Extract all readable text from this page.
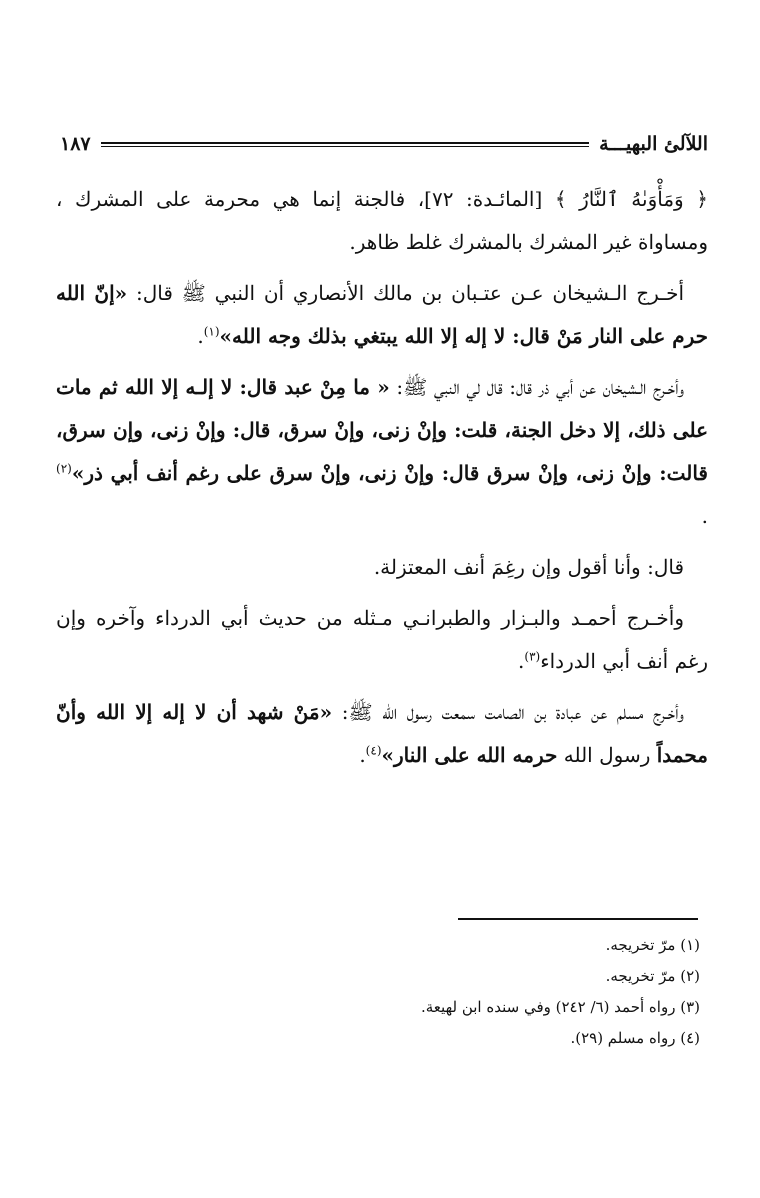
اللآلئ البهيـــة
١٨٧

﴿ وَمَأْوَىٰهُ ٱلنَّارُ ﴾ [المائـدة: ٧٢]، فالجنة إنما هي محرمة على المشرك ، ومساواة غير المشرك بالمشرك غلط ظاهر.

أخـرج الـشيخان عـن عتـبان بن مالك الأنصاري أن النبي ﷺ قال: «إنّ الله حرم على النار مَنْ قال: لا إله إلا الله يبتغي بذلك وجه الله»$^{(١)}$.

وأخـرج الـشيخان عن أبي ذر قال: قال لي النبي ﷺ: « ما مِنْ عبد قال: لا إلـه إلا الله ثم مات على ذلك، إلا دخل الجنة، قلت: وإنْ زنى، وإنْ سرق، قال: وإنْ زنى، وإن سرق، قالت: وإنْ زنى، وإنْ سرق قال: وإنْ زنى، وإنْ سرق على رغم أنف أبي ذر»$^{(٢)}$ .

قال: وأنا أقول وإن رغِمَ أنف المعتزلة.

وأخـرج أحمـد والبـزار والطبرانـي مـثله من حديث أبي الدرداء وآخره وإن رغم أنف أبي الدرداء$^{(٣)}$.

وأخـرج مسلم عن عبادة بن الصامت سمعت رسول الله ﷺ: «مَنْ شهد أن لا إله إلا الله وأنّ محمداً رسول الله حرمه الله على النار»$^{(٤)}$.

(١) مرّ تخريجه.
(٢) مرّ تخريجه.
(٣) رواه أحمد (٦/ ٢٤٢) وفي سنده ابن لهيعة.
(٤) رواه مسلم (٢٩).
